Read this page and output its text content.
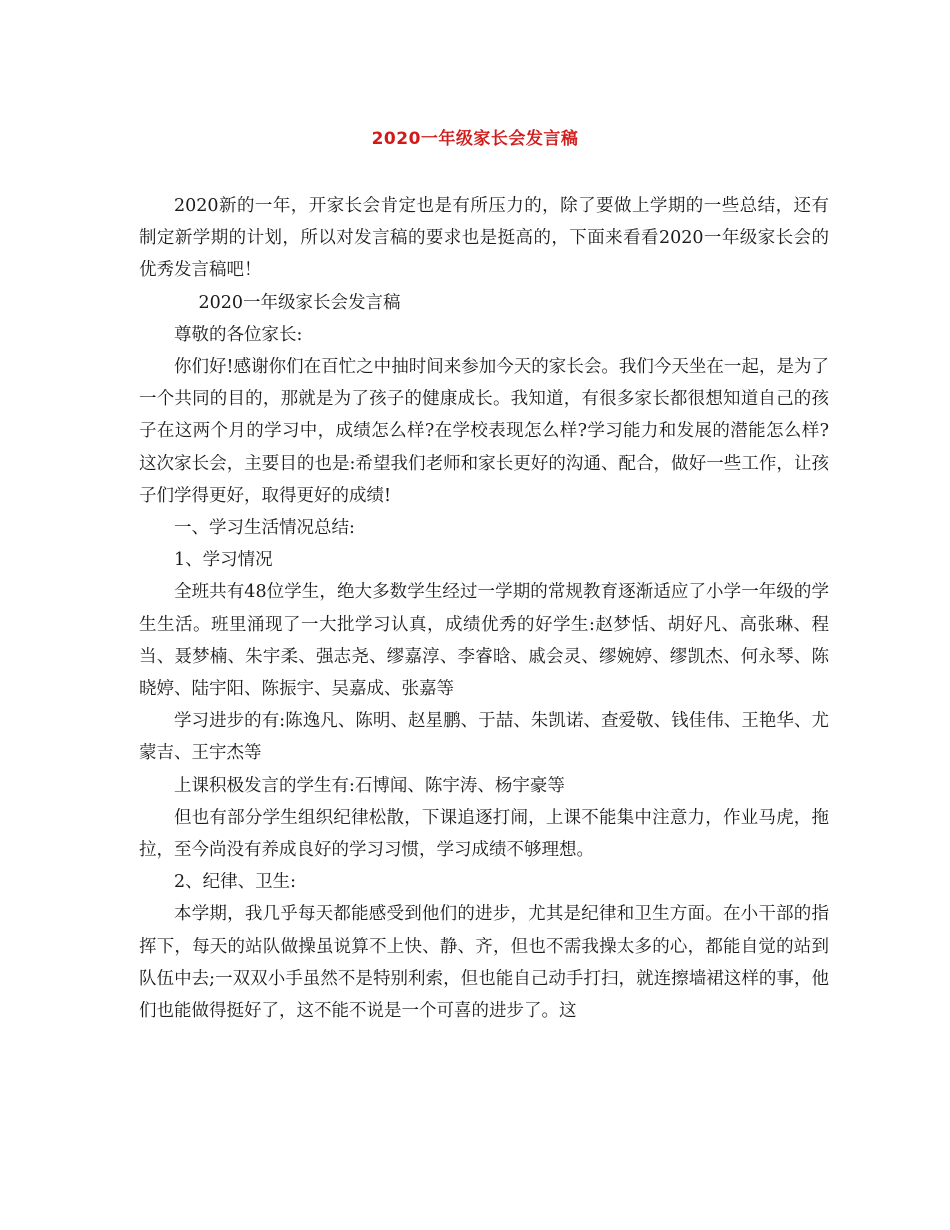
2020一年级家长会发言稿

2020新的一年，开家长会肯定也是有所压力的，除了要做上学期的一些总结，还有制定新学期的计划，所以对发言稿的要求也是挺高的，下面来看看2020一年级家长会的优秀发言稿吧！

2020一年级家长会发言稿

尊敬的各位家长:

你们好!感谢你们在百忙之中抽时间来参加今天的家长会。我们今天坐在一起，是为了一个共同的目的，那就是为了孩子的健康成长。我知道，有很多家长都很想知道自己的孩子在这两个月的学习中，成绩怎么样?在学校表现怎么样?学习能力和发展的潜能怎么样?这次家长会，主要目的也是:希望我们老师和家长更好的沟通、配合，做好一些工作，让孩子们学得更好，取得更好的成绩!

一、学习生活情况总结:

1、学习情况

全班共有48位学生，绝大多数学生经过一学期的常规教育逐渐适应了小学一年级的学生生活。班里涌现了一大批学习认真，成绩优秀的好学生:赵梦恬、胡好凡、高张琳、程当、聂梦楠、朱宇柔、强志尧、缪嘉淳、李睿晗、戚会灵、缪婉婷、缪凯杰、何永琴、陈晓婷、陆宇阳、陈振宇、吴嘉成、张嘉等

学习进步的有:陈逸凡、陈明、赵星鹏、于喆、朱凯诺、查爱敬、钱佳伟、王艳华、尤蒙吉、王宇杰等

上课积极发言的学生有:石博闻、陈宇涛、杨宇豪等

但也有部分学生组织纪律松散，下课追逐打闹，上课不能集中注意力，作业马虎，拖拉，至今尚没有养成良好的学习习惯，学习成绩不够理想。

2、纪律、卫生:

本学期，我几乎每天都能感受到他们的进步，尤其是纪律和卫生方面。在小干部的指挥下，每天的站队做操虽说算不上快、静、齐，但也不需我操太多的心，都能自觉的站到队伍中去;一双双小手虽然不是特别利索，但也能自己动手打扫，就连擦墙裙这样的事，他们也能做得挺好了，这不能不说是一个可喜的进步了。这
